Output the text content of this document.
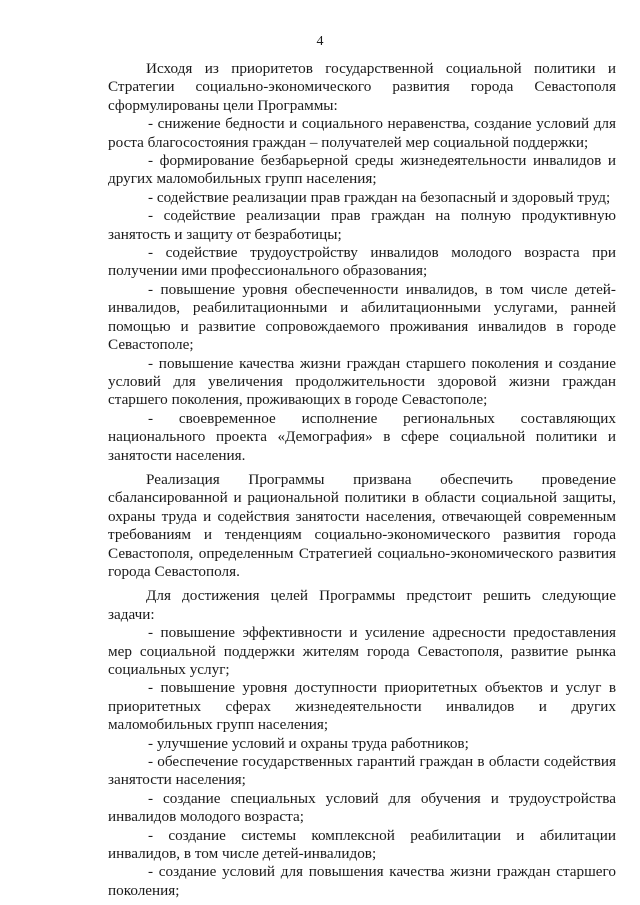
4

Исходя из приоритетов государственной социальной политики и Стратегии социально-экономического развития города Севастополя сформулированы цели Программы:

- снижение бедности и социального неравенства, создание условий для роста благосостояния граждан – получателей мер социальной поддержки;

- формирование безбарьерной среды жизнедеятельности инвалидов и других маломобильных групп населения;

- содействие реализации прав граждан на безопасный и здоровый труд;

- содействие реализации прав граждан на полную продуктивную занятость и защиту от безработицы;

- содействие трудоустройству инвалидов молодого возраста при получении ими профессионального образования;

- повышение уровня обеспеченности инвалидов, в том числе детей-инвалидов, реабилитационными и абилитационными услугами, ранней помощью и развитие сопровождаемого проживания инвалидов в городе Севастополе;

- повышение качества жизни граждан старшего поколения и создание условий для увеличения продолжительности здоровой жизни граждан старшего поколения, проживающих в городе Севастополе;

- своевременное исполнение региональных составляющих национального проекта «Демография» в сфере социальной политики и занятости населения.

Реализация Программы призвана обеспечить проведение сбалансированной и рациональной политики в области социальной защиты, охраны труда и содействия занятости населения, отвечающей современным требованиям и тенденциям социально-экономического развития города Севастополя, определенным Стратегией социально-экономического развития города Севастополя.

Для достижения целей Программы предстоит решить следующие задачи:

- повышение эффективности и усиление адресности предоставления мер социальной поддержки жителям города Севастополя, развитие рынка социальных услуг;

- повышение уровня доступности приоритетных объектов и услуг в приоритетных сферах жизнедеятельности инвалидов и других маломобильных групп населения;

- улучшение условий и охраны труда работников;

- обеспечение государственных гарантий граждан в области содействия занятости населения;

- создание специальных условий для обучения и трудоустройства инвалидов молодого возраста;

- создание системы комплексной реабилитации и абилитации инвалидов, в том числе детей-инвалидов;

- создание условий для повышения качества жизни граждан старшего поколения;
